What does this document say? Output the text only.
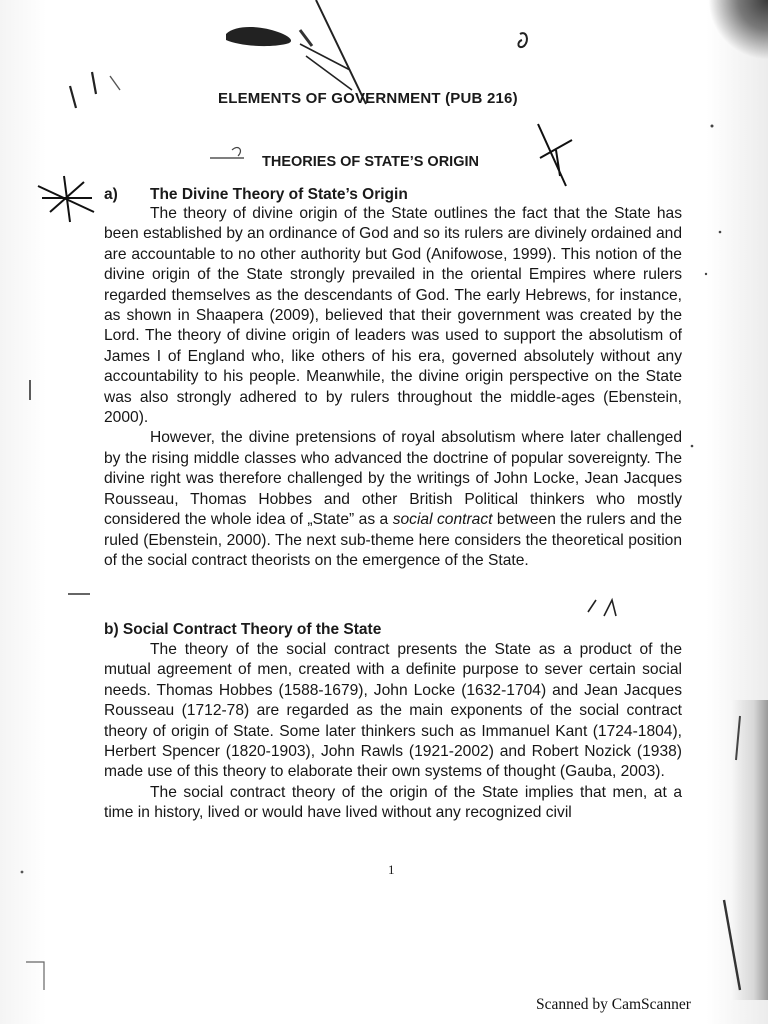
ELEMENTS OF GOVERNMENT (PUB 216)
THEORIES OF STATE’S ORIGIN
a) The Divine Theory of State’s Origin

The theory of divine origin of the State outlines the fact that the State has been established by an ordinance of God and so its rulers are divinely ordained and are accountable to no other authority but God (Anifowose, 1999). This notion of the divine origin of the State strongly prevailed in the oriental Empires where rulers regarded themselves as the descendants of God. The early Hebrews, for instance, as shown in Shaapera (2009), believed that their government was created by the Lord. The theory of divine origin of leaders was used to support the absolutism of James I of England who, like others of his era, governed absolutely without any accountability to his people. Meanwhile, the divine origin perspective on the State was also strongly adhered to by rulers throughout the middle-ages (Ebenstein, 2000).

However, the divine pretensions of royal absolutism where later challenged by the rising middle classes who advanced the doctrine of popular sovereignty. The divine right was therefore challenged by the writings of John Locke, Jean Jacques Rousseau, Thomas Hobbes and other British Political thinkers who mostly considered the whole idea of „State” as a social contract between the rulers and the ruled (Ebenstein, 2000). The next sub-theme here considers the theoretical position of the social contract theorists on the emergence of the State.

b) Social Contract Theory of the State

The theory of the social contract presents the State as a product of the mutual agreement of men, created with a definite purpose to sever certain social needs. Thomas Hobbes (1588-1679), John Locke (1632-1704) and Jean Jacques Rousseau (1712-78) are regarded as the main exponents of the social contract theory of origin of State. Some later thinkers such as Immanuel Kant (1724-1804), Herbert Spencer (1820-1903), John Rawls (1921-2002) and Robert Nozick (1938) made use of this theory to elaborate their own systems of thought (Gauba, 2003).

The social contract theory of the origin of the State implies that men, at a time in history, lived or would have lived without any recognized civil

1
Scanned by CamScanner
